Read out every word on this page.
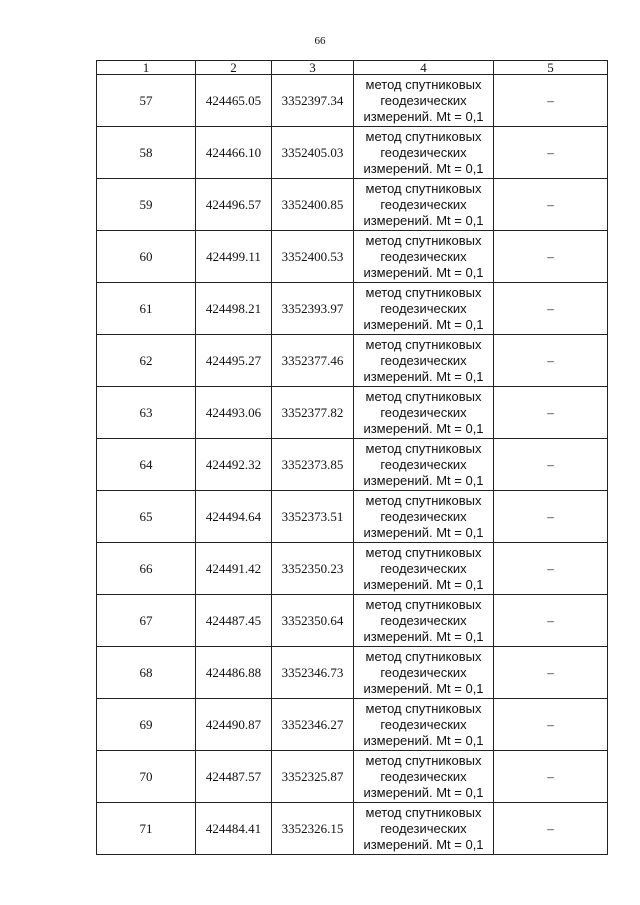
66
1	2	3	4	5
57	424465.05	3352397.34	метод спутниковых
геодезических
измерений. Mt = 0,1	–
58	424466.10	3352405.03	метод спутниковых
геодезических
измерений. Mt = 0,1	–
59	424496.57	3352400.85	метод спутниковых
геодезических
измерений. Mt = 0,1	–
60	424499.11	3352400.53	метод спутниковых
геодезических
измерений. Mt = 0,1	–
61	424498.21	3352393.97	метод спутниковых
геодезических
измерений. Mt = 0,1	–
62	424495.27	3352377.46	метод спутниковых
геодезических
измерений. Mt = 0,1	–
63	424493.06	3352377.82	метод спутниковых
геодезических
измерений. Mt = 0,1	–
64	424492.32	3352373.85	метод спутниковых
геодезических
измерений. Mt = 0,1	–
65	424494.64	3352373.51	метод спутниковых
геодезических
измерений. Mt = 0,1	–
66	424491.42	3352350.23	метод спутниковых
геодезических
измерений. Mt = 0,1	–
67	424487.45	3352350.64	метод спутниковых
геодезических
измерений. Mt = 0,1	–
68	424486.88	3352346.73	метод спутниковых
геодезических
измерений. Mt = 0,1	–
69	424490.87	3352346.27	метод спутниковых
геодезических
измерений. Mt = 0,1	–
70	424487.57	3352325.87	метод спутниковых
геодезических
измерений. Mt = 0,1	–
71	424484.41	3352326.15	метод спутниковых
геодезических
измерений. Mt = 0,1	–
